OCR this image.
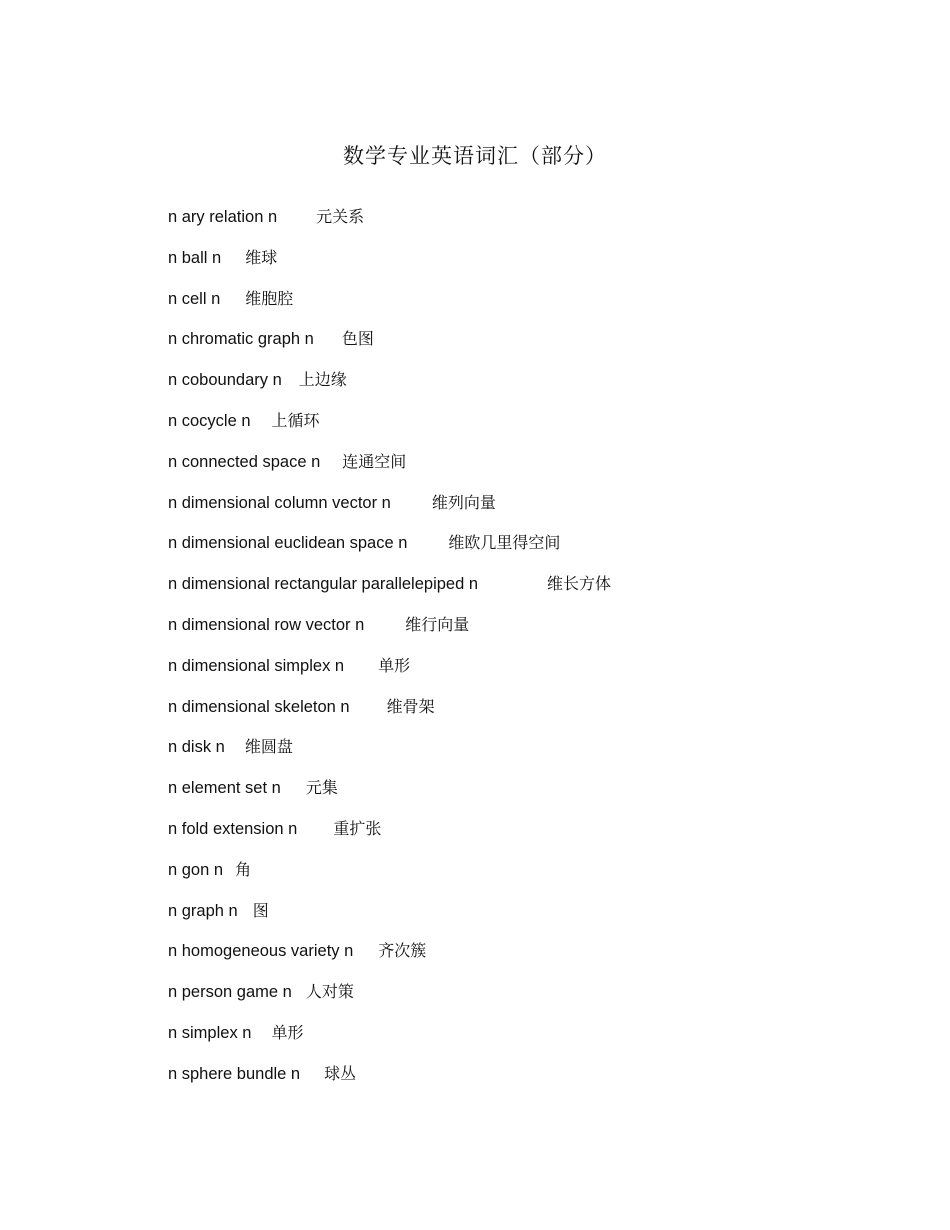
数学专业英语词汇（部分）
n ary relation n 元关系
n ball n 维球
n cell n 维胞腔
n chromatic graph n 色图
n coboundary n 上边缘
n cocycle n 上循环
n connected space n 连通空间
n dimensional column vector n	维列向量
n dimensional euclidean space n	维欧几里得空间
n dimensional rectangular parallelepiped n	维长方体
n dimensional row vector n	维行向量
n dimensional simplex n 单形
n dimensional skeleton n 维骨架
n disk n 维圆盘
n element set n 元集
n fold extension n 重扩张
n gon n 角
n graph n 图
n homogeneous variety n 齐次簇
n person game n 人对策
n simplex n 单形
n sphere bundle n 球丛
